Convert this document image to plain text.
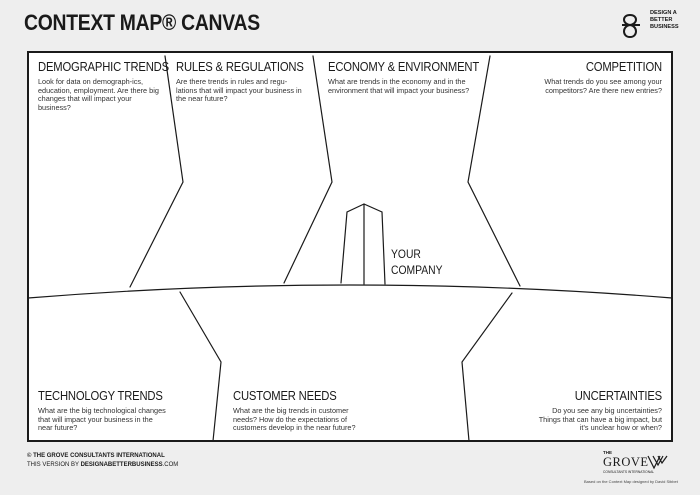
CONTEXT MAP® CANVAS	DESIGN A
BETTER
BUSINESS
DEMOGRAPHIC TRENDS

Look for data on demograph-ics, education, employment. Are there big changes that will impact your business?

RULES & REGULATIONS

Are there trends in rules and regu-lations that will impact your business in the near future?

ECONOMY & ENVIRONMENT

What are trends in the economy and in the environment that will impact your business?

COMPETITION

What trends do you see among your competitors? Are there new entries?

TECHNOLOGY TRENDS

What are the big technological changes that will impact your business in the near future?

CUSTOMER NEEDS

What are the big trends in customer needs? How do the expectations of customers develop in the near future?

UNCERTAINTIES

Do you see any big uncertainties? Things that can have a big impact, but it’s unclear how or when?

YOUR
COMPANY
© THE GROVE CONSULTANTS INTERNATIONAL
THIS VERSION BY DESIGNABETTERBUSINESS.COM
THE
GROVE
CONSULTANTS INTERNATIONAL
Based on the Context Map designed by David Sibbet
